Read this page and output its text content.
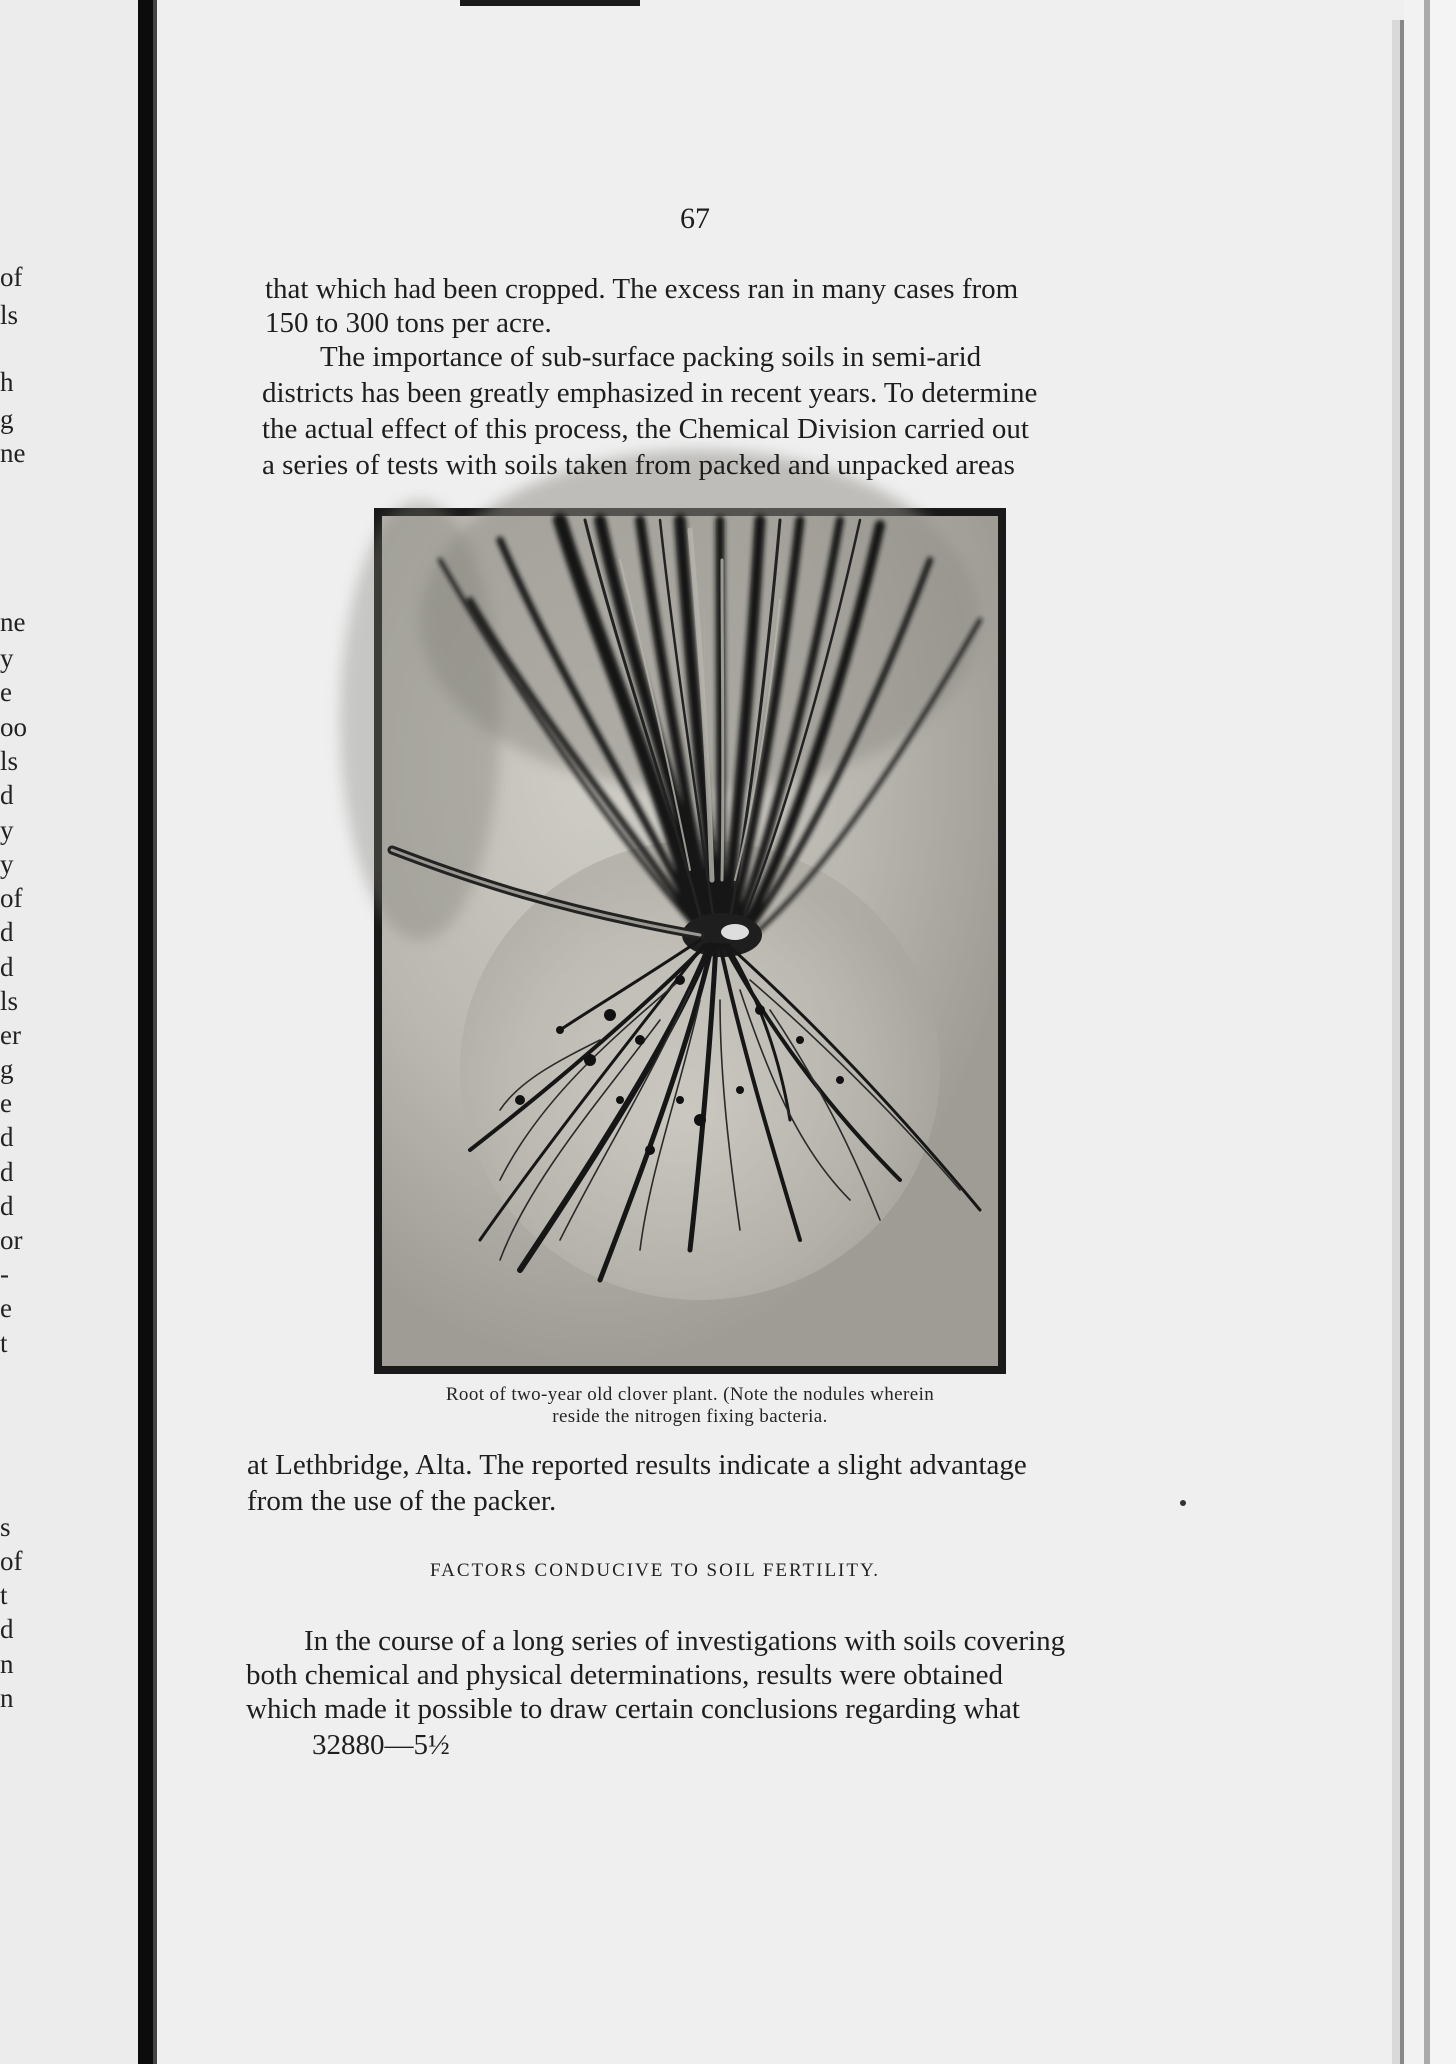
of
ls
h
g
ne
ne
y
e
oo
ls
d
y
y
of
d
d
ls
er
g
e
d
d
d
or
-
e
t
s
of
t
d
n
n
67
that which had been cropped. The excess ran in many cases from
150 to 300 tons per acre.
The importance of sub-surface packing soils in semi-arid
districts has been greatly emphasized in recent years. To determine
the actual effect of this process, the Chemical Division carried out
a series of tests with soils taken from packed and unpacked areas
Root of two-year old clover plant. (Note the nodules wherein
reside the nitrogen fixing bacteria.
at Lethbridge, Alta. The reported results indicate a slight advantage
from the use of the packer.
FACTORS CONDUCIVE TO SOIL FERTILITY.
In the course of a long series of investigations with soils covering
both chemical and physical determinations, results were obtained
which made it possible to draw certain conclusions regarding what
32880—5½
